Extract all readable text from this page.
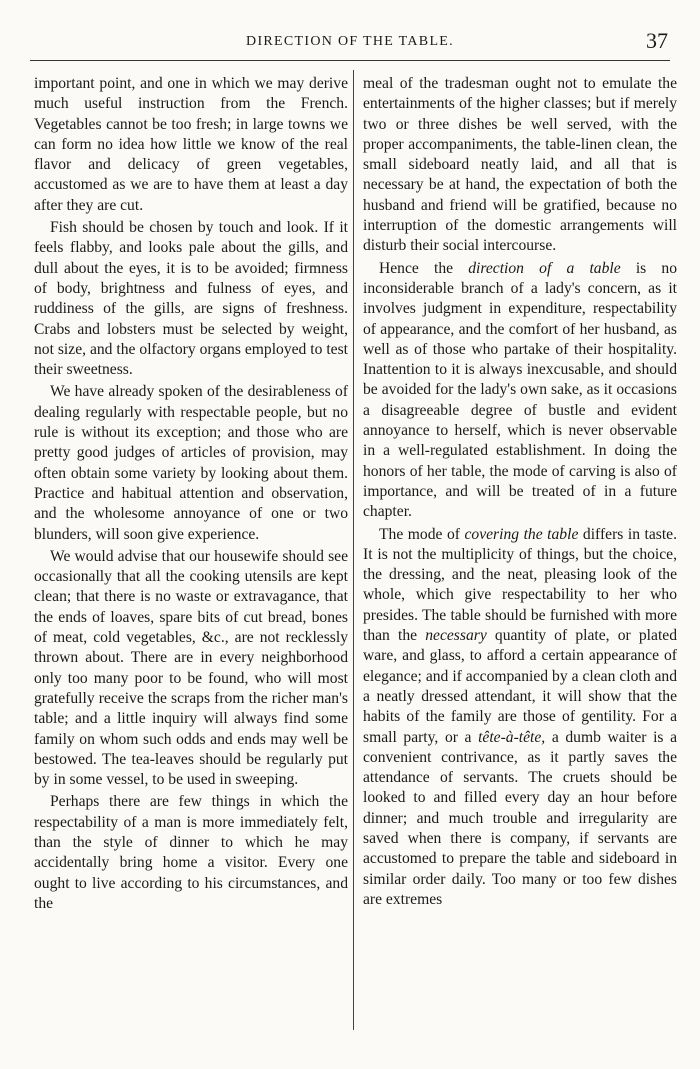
DIRECTION OF THE TABLE.	37

important point, and one in which we may derive much useful instruction from the French. Vegetables cannot be too fresh; in large towns we can form no idea how little we know of the real flavor and delicacy of green vegetables, accustomed as we are to have them at least a day after they are cut.

Fish should be chosen by touch and look. If it feels flabby, and looks pale about the gills, and dull about the eyes, it is to be avoided; firmness of body, brightness and fulness of eyes, and ruddiness of the gills, are signs of freshness. Crabs and lobsters must be selected by weight, not size, and the olfactory organs employed to test their sweetness.

We have already spoken of the desirableness of dealing regularly with respectable people, but no rule is without its exception; and those who are pretty good judges of articles of provision, may often obtain some variety by looking about them. Practice and habitual attention and observation, and the wholesome annoyance of one or two blunders, will soon give experience.

We would advise that our housewife should see occasionally that all the cooking utensils are kept clean; that there is no waste or extravagance, that the ends of loaves, spare bits of cut bread, bones of meat, cold vegetables, &c., are not recklessly thrown about. There are in every neighborhood only too many poor to be found, who will most gratefully receive the scraps from the richer man's table; and a little inquiry will always find some family on whom such odds and ends may well be bestowed. The tea-leaves should be regularly put by in some vessel, to be used in sweeping.

Perhaps there are few things in which the respectability of a man is more immediately felt, than the style of dinner to which he may accidentally bring home a visitor. Every one ought to live according to his circumstances, and the

meal of the tradesman ought not to emulate the entertainments of the higher classes; but if merely two or three dishes be well served, with the proper accompaniments, the table-linen clean, the small sideboard neatly laid, and all that is necessary be at hand, the expectation of both the husband and friend will be gratified, because no interruption of the domestic arrangements will disturb their social intercourse.

Hence the direction of a table is no inconsiderable branch of a lady's concern, as it involves judgment in expenditure, respectability of appearance, and the comfort of her husband, as well as of those who partake of their hospitality. Inattention to it is always inexcusable, and should be avoided for the lady's own sake, as it occasions a disagreeable degree of bustle and evident annoyance to herself, which is never observable in a well-regulated establishment. In doing the honors of her table, the mode of carving is also of importance, and will be treated of in a future chapter.

The mode of covering the table differs in taste. It is not the multiplicity of things, but the choice, the dressing, and the neat, pleasing look of the whole, which give respectability to her who presides. The table should be furnished with more than the necessary quantity of plate, or plated ware, and glass, to afford a certain appearance of elegance; and if accompanied by a clean cloth and a neatly dressed attendant, it will show that the habits of the family are those of gentility. For a small party, or a tête-à-tête, a dumb waiter is a convenient contrivance, as it partly saves the attendance of servants. The cruets should be looked to and filled every day an hour before dinner; and much trouble and irregularity are saved when there is company, if servants are accustomed to prepare the table and sideboard in similar order daily. Too many or too few dishes are extremes
